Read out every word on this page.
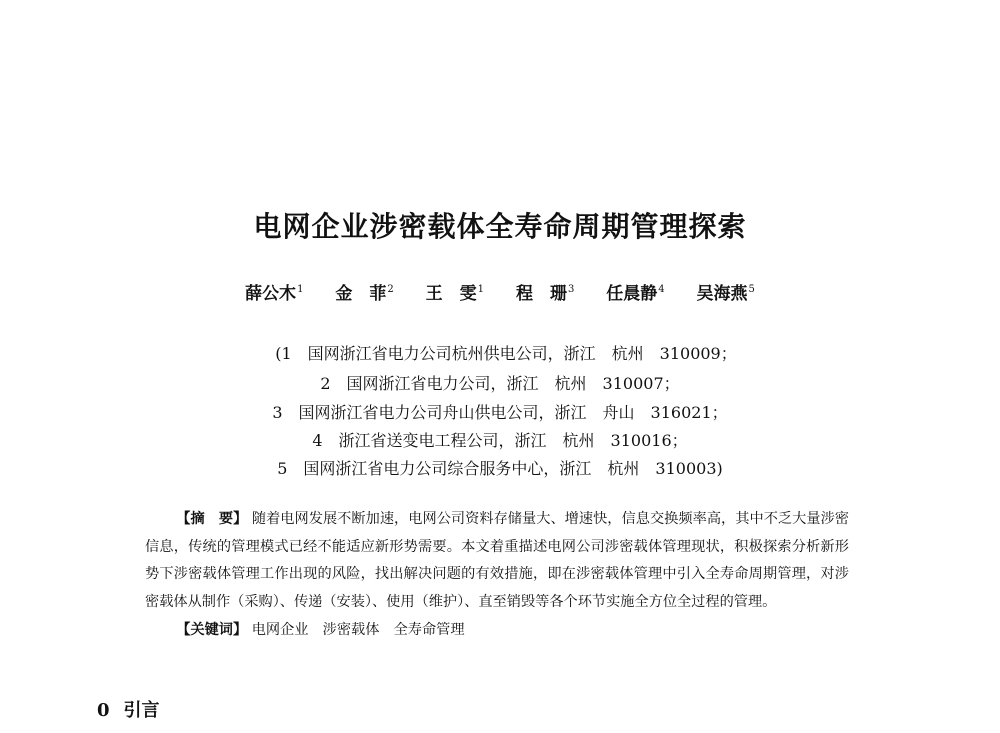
电网企业涉密载体全寿命周期管理探索
薛公木$^1$ 金　菲$^2$ 王　雯$^1$ 程　珊$^3$ 任晨静$^4$ 吴海燕$^5$
(1　国网浙江省电力公司杭州供电公司，浙江　杭州　310009；
2　国网浙江省电力公司，浙江　杭州　310007；
3　国网浙江省电力公司舟山供电公司，浙江　舟山　316021；
4　浙江省送变电工程公司，浙江　杭州　310016；
5　国网浙江省电力公司综合服务中心，浙江　杭州　310003)

【摘　要】 随着电网发展不断加速，电网公司资料存储量大、增速快，信息交换频率高，其中不乏大量涉密信息，传统的管理模式已经不能适应新形势需要。本文着重描述电网公司涉密载体管理现状，积极探索分析新形势下涉密载体管理工作出现的风险，找出解决问题的有效措施，即在涉密载体管理中引入全寿命周期管理，对涉密载体从制作（采购）、传递（安装）、使用（维护）、直至销毁等各个环节实施全方位全过程的管理。

【关键词】 电网企业　涉密载体　全寿命管理

0 引言
